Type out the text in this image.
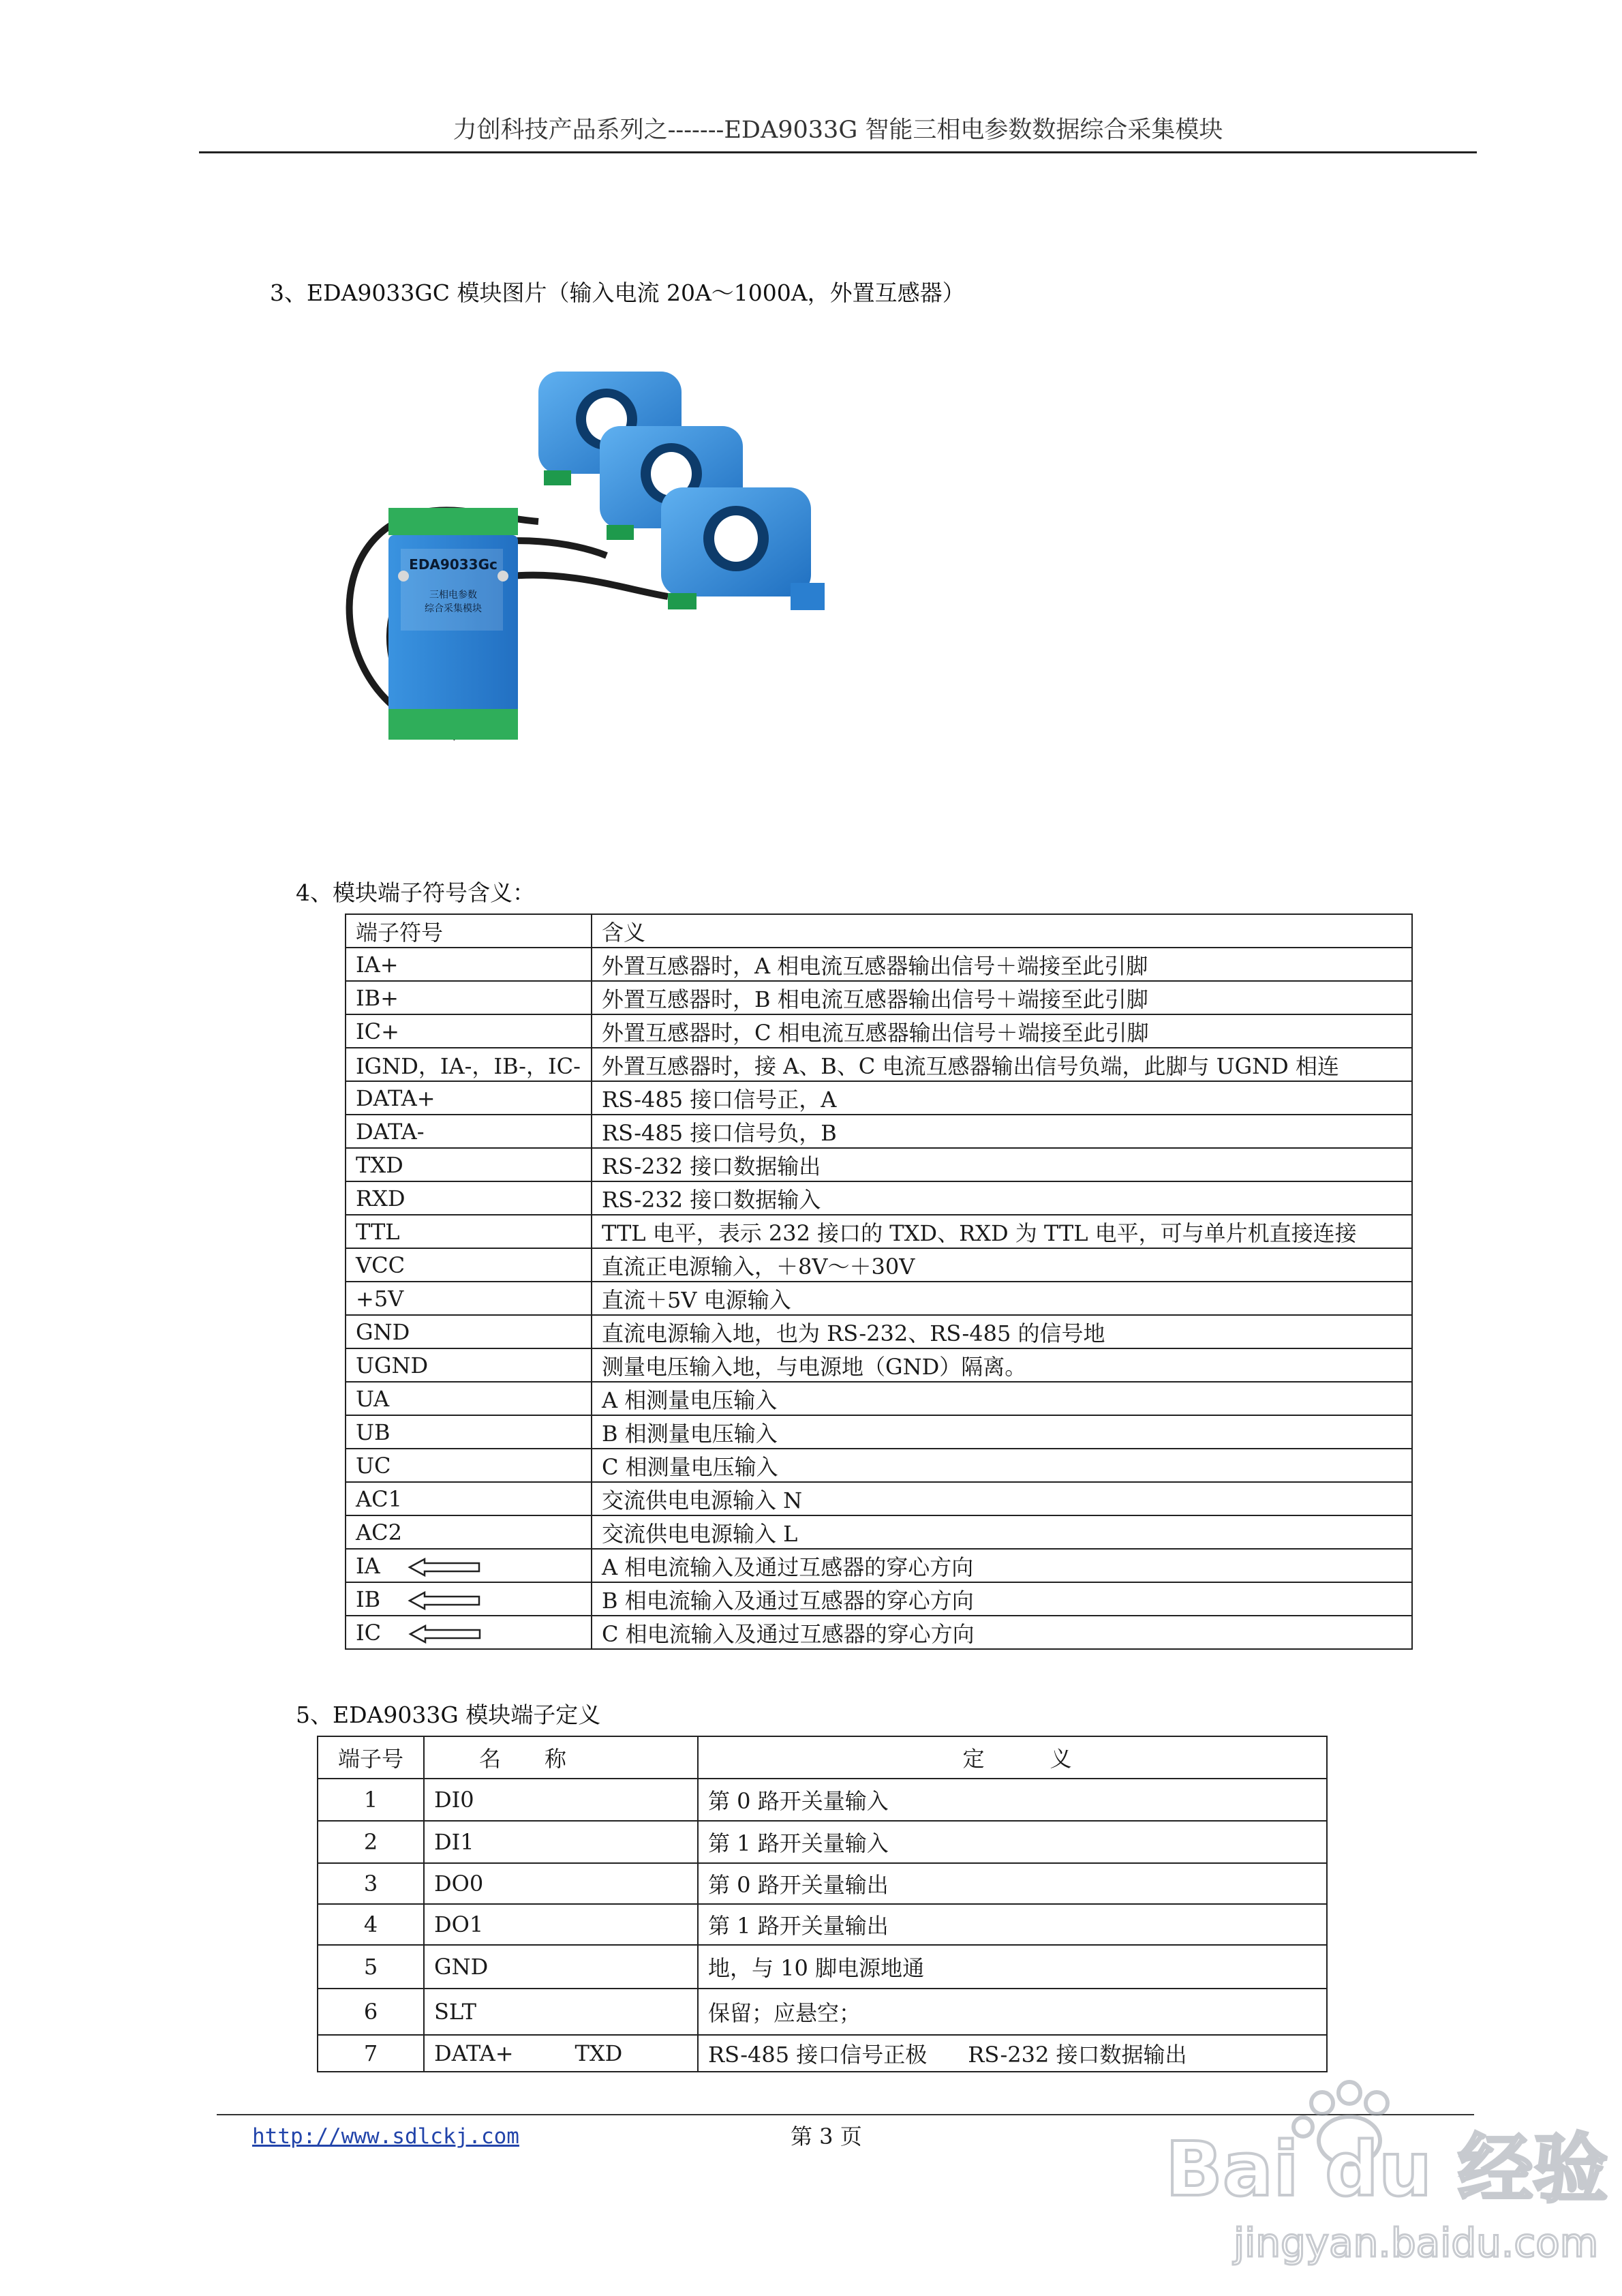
力创科技产品系列之-------EDA9033G 智能三相电参数数据综合采集模块
3、EDA9033GC 模块图片（输入电流 20A～1000A，外置互感器）
EDA9033Gc
三相电参数
综合采集模块
4、模块端子符号含义：
端子符号	含义
IA+	外置互感器时，A 相电流互感器输出信号＋端接至此引脚
IB+	外置互感器时，B 相电流互感器输出信号＋端接至此引脚
IC+	外置互感器时，C 相电流互感器输出信号＋端接至此引脚
IGND，IA-，IB-，IC-	外置互感器时，接 A、B、C 电流互感器输出信号负端，此脚与 UGND 相连
DATA+	RS-485 接口信号正，A
DATA-	RS-485 接口信号负，B
TXD	RS-232 接口数据输出
RXD	RS-232 接口数据输入
TTL	TTL 电平，表示 232 接口的 TXD、RXD 为 TTL 电平，可与单片机直接连接
VCC	直流正电源输入，＋8V～＋30V
+5V	直流＋5V 电源输入
GND	直流电源输入地，也为 RS-232、RS-485 的信号地
UGND	测量电压输入地，与电源地（GND）隔离。
UA	A 相测量电压输入
UB	B 相测量电压输入
UC	C 相测量电压输入
AC1	交流供电电源输入 N
AC2	交流供电电源输入 L
IA	A 相电流输入及通过互感器的穿心方向
IB	B 相电流输入及通过互感器的穿心方向
IC	C 相电流输入及通过互感器的穿心方向
5、EDA9033G 模块端子定义
端子号	名　　称	定　　　义
1	DI0	第 0 路开关量输入
2	DI1	第 1 路开关量输入
3	DO0	第 0 路开关量输出
4	DO1	第 1 路开关量输出
5	GND	地，与 10 脚电源地通
6	SLT	保留；应悬空；
7	DATA+ TXD	RS-485 接口信号正极 RS-232 接口数据输出
http://www.sdlckj.com	第 3 页	Bai du 经验
jingyan.baidu.com
